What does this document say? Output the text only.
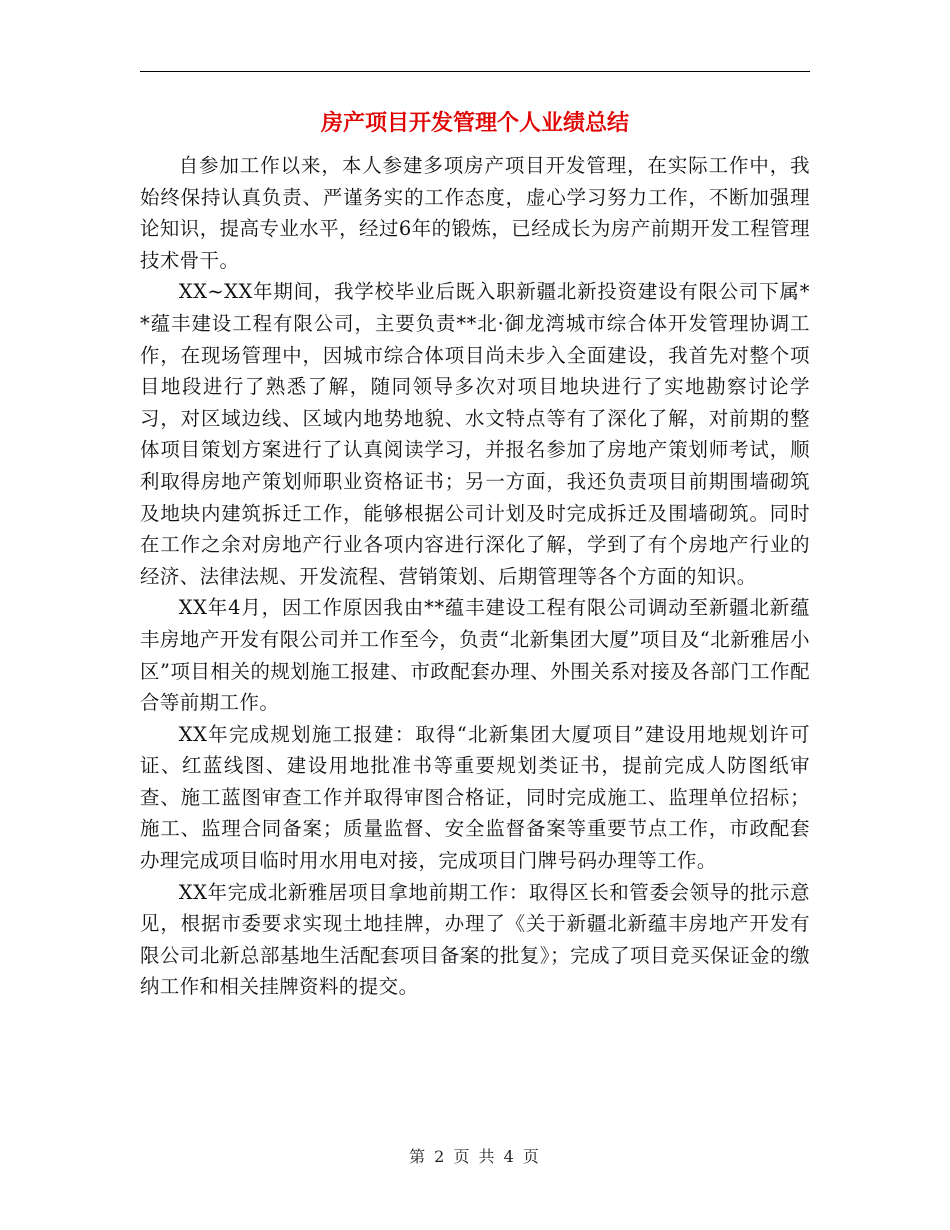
房产项目开发管理个人业绩总结

自参加工作以来，本人参建多项房产项目开发管理，在实际工作中，我始终保持认真负责、严谨务实的工作态度，虚心学习努力工作，不断加强理论知识，提高专业水平，经过6年的锻炼，已经成长为房产前期开发工程管理技术骨干。

XX~XX年期间，我学校毕业后既入职新疆北新投资建设有限公司下属**蕴丰建设工程有限公司，主要负责**北·御龙湾城市综合体开发管理协调工作，在现场管理中，因城市综合体项目尚未步入全面建设，我首先对整个项目地段进行了熟悉了解，随同领导多次对项目地块进行了实地勘察讨论学习，对区域边线、区域内地势地貌、水文特点等有了深化了解，对前期的整体项目策划方案进行了认真阅读学习，并报名参加了房地产策划师考试，顺利取得房地产策划师职业资格证书；另一方面，我还负责项目前期围墙砌筑及地块内建筑拆迁工作，能够根据公司计划及时完成拆迁及围墙砌筑。同时在工作之余对房地产行业各项内容进行深化了解，学到了有个房地产行业的经济、法律法规、开发流程、营销策划、后期管理等各个方面的知识。

XX年4月，因工作原因我由**蕴丰建设工程有限公司调动至新疆北新蕴丰房地产开发有限公司并工作至今，负责“北新集团大厦”项目及“北新雅居小区”项目相关的规划施工报建、市政配套办理、外围关系对接及各部门工作配合等前期工作。

XX年完成规划施工报建：取得“北新集团大厦项目”建设用地规划许可证、红蓝线图、建设用地批准书等重要规划类证书，提前完成人防图纸审查、施工蓝图审查工作并取得审图合格证，同时完成施工、监理单位招标；施工、监理合同备案；质量监督、安全监督备案等重要节点工作，市政配套办理完成项目临时用水用电对接，完成项目门牌号码办理等工作。

XX年完成北新雅居项目拿地前期工作：取得区长和管委会领导的批示意见，根据市委要求实现土地挂牌，办理了《关于新疆北新蕴丰房地产开发有限公司北新总部基地生活配套项目备案的批复》；完成了项目竞买保证金的缴纳工作和相关挂牌资料的提交。

第 2 页 共 4 页
